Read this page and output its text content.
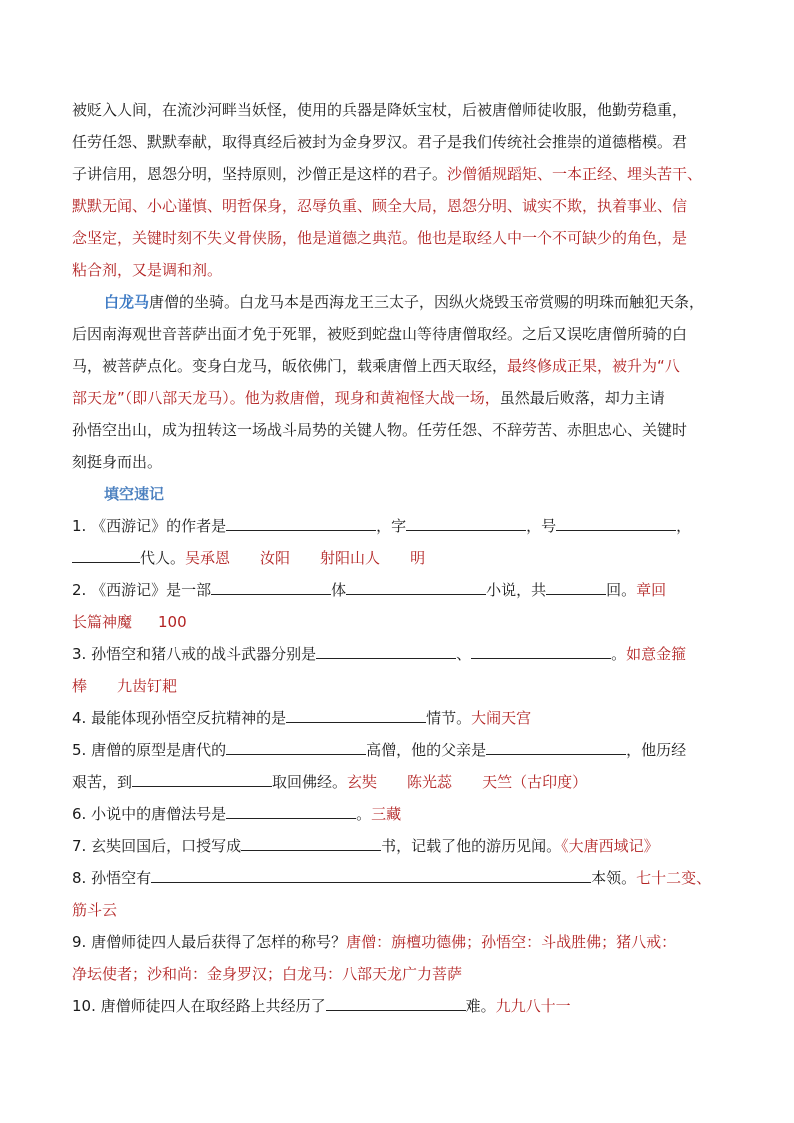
被贬入人间，在流沙河畔当妖怪，使用的兵器是降妖宝杖，后被唐僧师徒收服，他勤劳稳重，
任劳任怨、默默奉献，取得真经后被封为金身罗汉。君子是我们传统社会推崇的道德楷模。君
子讲信用，恩怨分明，坚持原则，沙僧正是这样的君子。沙僧循规蹈矩、一本正经、埋头苦干、
默默无闻、小心谨慎、明哲保身，忍辱负重、顾全大局，恩怨分明、诚实不欺，执着事业、信
念坚定，关键时刻不失义骨侠肠，他是道德之典范。他也是取经人中一个不可缺少的角色，是
粘合剂，又是调和剂。
白龙马唐僧的坐骑。白龙马本是西海龙王三太子，因纵火烧毁玉帝赏赐的明珠而触犯天条，
后因南海观世音菩萨出面才免于死罪，被贬到蛇盘山等待唐僧取经。之后又误吃唐僧所骑的白
马，被菩萨点化。变身白龙马，皈依佛门，载乘唐僧上西天取经，最终修成正果，被升为“八
部天龙”（即八部天龙马）。他为救唐僧，现身和黄袍怪大战一场，虽然最后败落，却力主请
孙悟空出山，成为扭转这一场战斗局势的关键人物。任劳任怨、不辞劳苦、赤胆忠心、关键时
刻挺身而出。
填空速记
1. 《西游记》的作者是	，字	，号	，
代人。吴承恩 汝阳 射阳山人 明
2. 《西游记》是一部	体	小说，共	回。章回
长篇神魔 100
3. 孙悟空和猪八戒的战斗武器分别是	、	。如意金箍
棒 九齿钉耙
4. 最能体现孙悟空反抗精神的是	情节。大闹天宫
5. 唐僧的原型是唐代的	高僧，他的父亲是	，他历经
艰苦，到	取回佛经。玄奘 陈光蕊 天竺（古印度）
6. 小说中的唐僧法号是	。三藏
7. 玄奘回国后，口授写成	书，记载了他的游历见闻。《大唐西域记》
8. 孙悟空有	本领。七十二变、
筋斗云
9. 唐僧师徒四人最后获得了怎样的称号？唐僧：旃檀功德佛；孙悟空：斗战胜佛；猪八戒：
净坛使者；沙和尚：金身罗汉；白龙马：八部天龙广力菩萨
10. 唐僧师徒四人在取经路上共经历了	难。九九八十一
